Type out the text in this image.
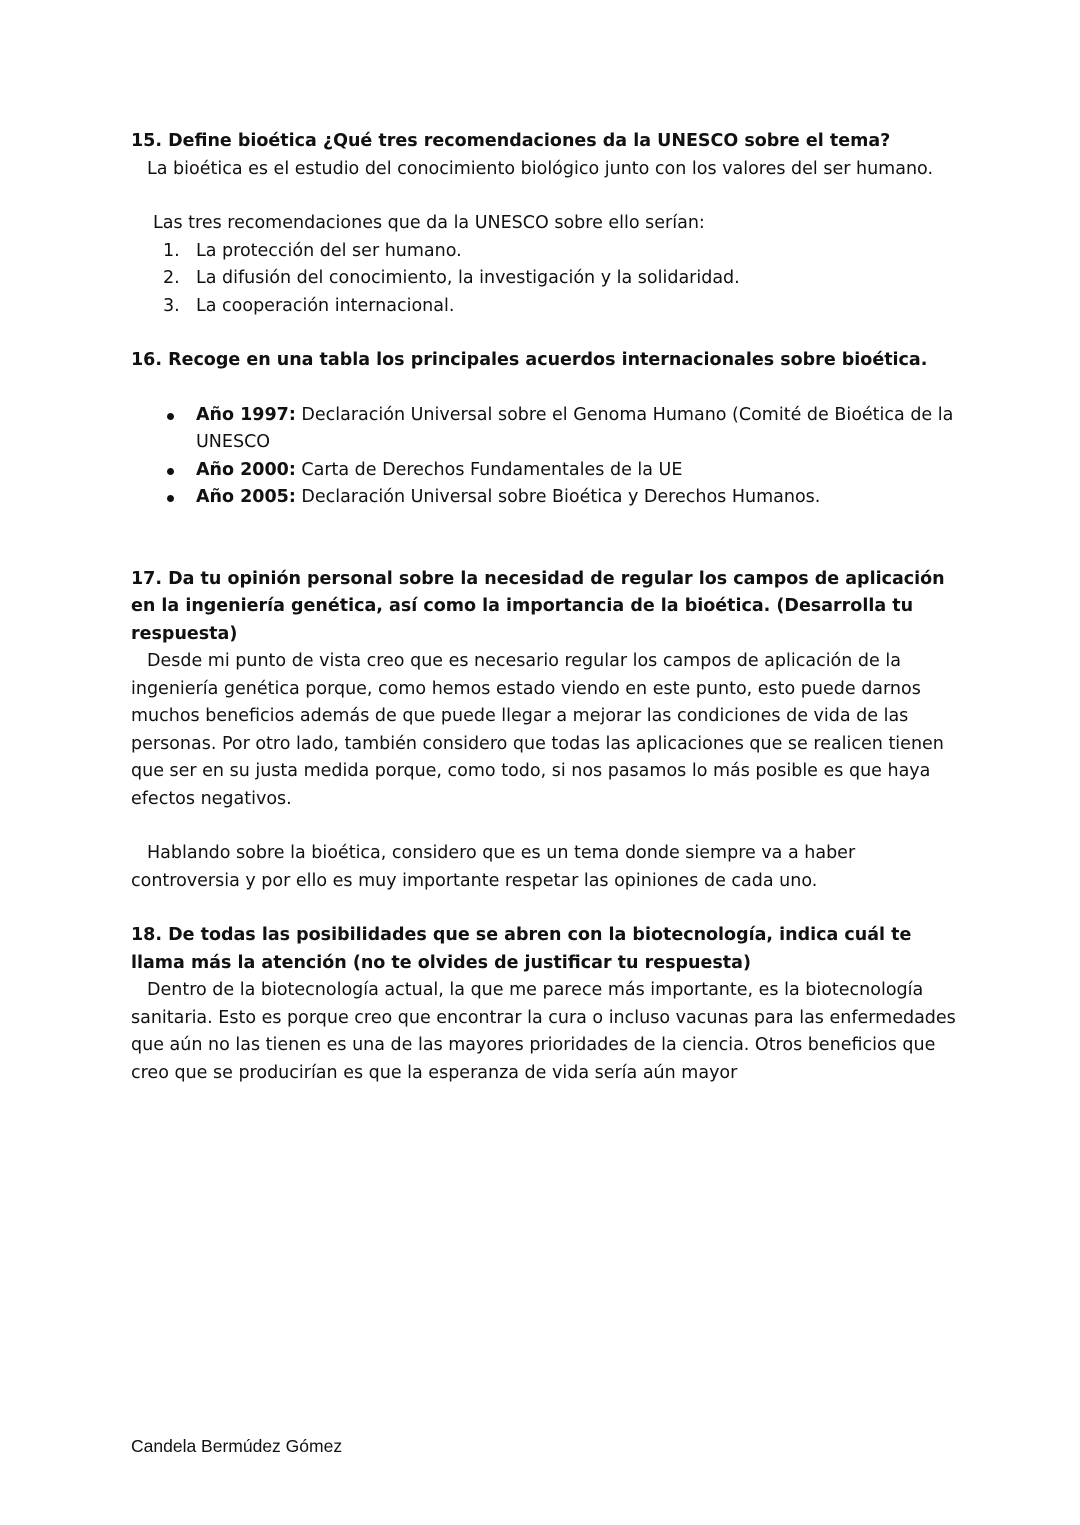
15. Define bioética ¿Qué tres recomendaciones da la UNESCO sobre el tema?

La bioética es el estudio del conocimiento biológico junto con los valores del ser humano.

Las tres recomendaciones que da la UNESCO sobre ello serían:

1. La protección del ser humano.
2. La difusión del conocimiento, la investigación y la solidaridad.
3. La cooperación internacional.

16. Recoge en una tabla los principales acuerdos internacionales sobre bioética.

Año 1997: Declaración Universal sobre el Genoma Humano (Comité de Bioética de la UNESCO
Año 2000: Carta de Derechos Fundamentales de la UE
Año 2005: Declaración Universal sobre Bioética y Derechos Humanos.

17. Da tu opinión personal sobre la necesidad de regular los campos de aplicación en la ingeniería genética, así como la importancia de la bioética. (Desarrolla tu respuesta)

Desde mi punto de vista creo que es necesario regular los campos de aplicación de la ingeniería genética porque, como hemos estado viendo en este punto, esto puede darnos muchos beneficios además de que puede llegar a mejorar las condiciones de vida de las personas. Por otro lado, también considero que todas las aplicaciones que se realicen tienen que ser en su justa medida porque, como todo, si nos pasamos lo más posible es que haya efectos negativos.

Hablando sobre la bioética, considero que es un tema donde siempre va a haber controversia y por ello es muy importante respetar las opiniones de cada uno.

18. De todas las posibilidades que se abren con la biotecnología, indica cuál te llama más la atención (no te olvides de justificar tu respuesta)

Dentro de la biotecnología actual, la que me parece más importante, es la biotecnología sanitaria. Esto es porque creo que encontrar la cura o incluso vacunas para las enfermedades que aún no las tienen es una de las mayores prioridades de la ciencia. Otros beneficios que creo que se producirían es que la esperanza de vida sería aún mayor

Candela Bermúdez Gómez
